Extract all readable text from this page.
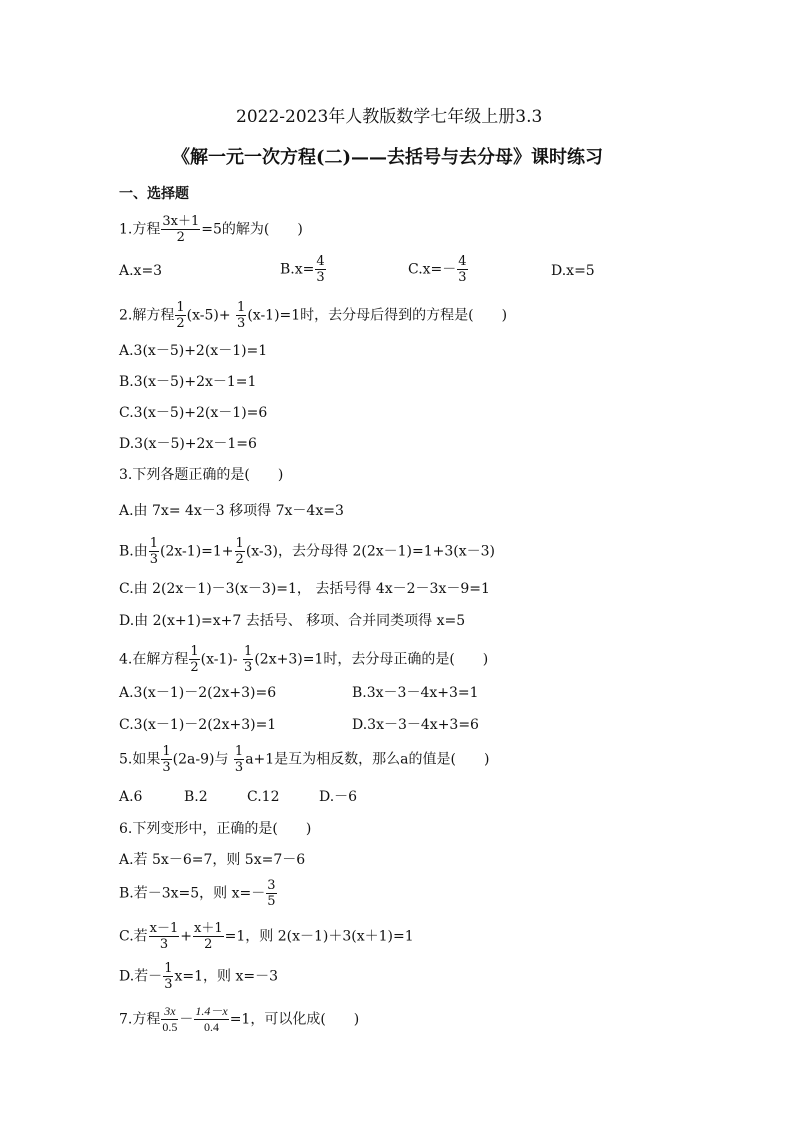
2022-2023年人教版数学七年级上册3.3
《解一元一次方程(二)——去括号与去分母》课时练习
一、选择题
1.方程 $\frac{3x+1}{2} =5$的解为(　　)
A.x=3	$B.x= \frac{4}{3}$	$C.x=- \frac{4}{3}$	D.x=5
2.解方程 $\frac{1}{2} (x-5)+ \frac{1}{3} (x-1)=1$时，去分母后得到的方程是(　　)
A.3(x－5)+2(x－1)=1
B.3(x－5)+2x－1=1
C.3(x－5)+2(x－1)=6
D.3(x－5)+2x－1=6
3.下列各题正确的是(　　)
A.由 7x= 4x－3 移项得 7x－4x=3
B.由 $\frac{1}{3} (2x-1)=1+ \frac{1}{2} (x-3)$，去分母得 2(2x－1)=1+3(x－3)
C.由 2(2x－1)－3(x－3)=1， 去括号得 4x－2－3x－9=1
D.由 2(x+1)=x+7 去括号、 移项、合并同类项得 x=5
4.在解方程 $\frac{1}{2} (x-1)- \frac{1}{3} (2x+3)=1$时，去分母正确的是(　　)
A.3(x－1)－2(2x+3)=6	B.3x－3－4x+3=1
C.3(x－1)－2(2x+3)=1	D.3x－3－4x+3=6
5.如果 $\frac{1}{3} (2a-9)$与 $\frac{1}{3} a+1$是互为相反数，那么a的值是(　　)
A.6	B.2	C.12	D.－6
6.下列变形中，正确的是(　　)
A.若 5x－6=7，则 5x=7－6
B.若－3x=5，则 $x=- \frac{3}{5}$
C.若 $\frac{x-1}{3} + \frac{x+1}{2} =1$，则 2(x－1)＋3(x＋1)=1
D.若－ $\frac{1}{3} x=1$，则 x=－3
7.方程 $\frac{3x}{0.5} - \frac{1.4-x}{0.4} =1$，可以化成(　　)
